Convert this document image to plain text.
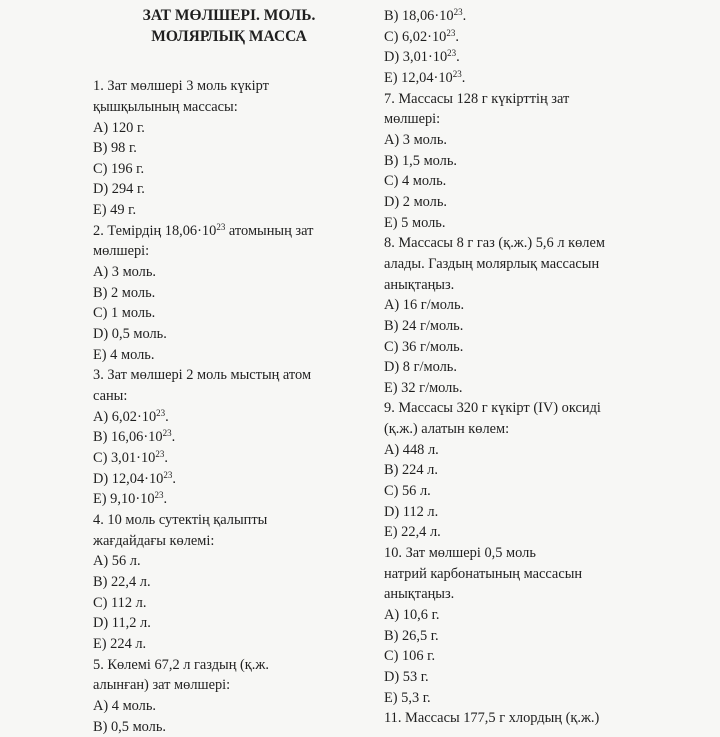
ЗАТ МӨЛШЕРІ. МОЛЬ.
МОЛЯРЛЫҚ МАССА
1. Зат мөлшері 3 моль күкірт
қышқылының массасы:
A) 120 г.
B) 98 г.
C) 196 г.
D) 294 г.
E) 49 г.
2. Темірдің $18,06\cdot 10^{23}$ атомының зат
мөлшері:
A) 3 моль.
B) 2 моль.
C) 1 моль.
D) 0,5 моль.
E) 4 моль.
3. Зат мөлшері 2 моль мыстың атом
саны:
A) $6,02\cdot 10^{23}$.
B) $16,06\cdot 10^{23}$.
C) $3,01\cdot 10^{23}$.
D) $12,04\cdot 10^{23}$.
E) $9,10\cdot 10^{23}$.
4. 10 моль сутектің қалыпты
жағдайдағы көлемі:
A) 56 л.
B) 22,4 л.
C) 112 л.
D) 11,2 л.
E) 224 л.
5. Көлемі 67,2 л газдың (қ.ж.
алынған) зат мөлшері:
A) 4 моль.
B) 0,5 моль.
B) $18,06\cdot 10^{23}$.
C) $6,02\cdot 10^{23}$.
D) $3,01\cdot 10^{23}$.
E) $12,04\cdot 10^{23}$.
7. Массасы 128 г күкірттің зат
мөлшері:
A) 3 моль.
B) 1,5 моль.
C) 4 моль.
D) 2 моль.
E) 5 моль.
8. Массасы 8 г газ (қ.ж.) 5,6 л көлем
алады. Газдың молярлық массасын
анықтаңыз.
A) 16 г/моль.
B) 24 г/моль.
C) 36 г/моль.
D) 8 г/моль.
E) 32 г/моль.
9. Массасы 320 г күкірт (IV) оксиді
(қ.ж.) алатын көлем:
A) 448 л.
B) 224 л.
C) 56 л.
D) 112 л.
E) 22,4 л.
10. Зат мөлшері 0,5 моль
натрий карбонатының массасын
анықтаңыз.
A) 10,6 г.
B) 26,5 г.
C) 106 г.
D) 53 г.
E) 5,3 г.
11. Массасы 177,5 г хлордың (қ.ж.)
